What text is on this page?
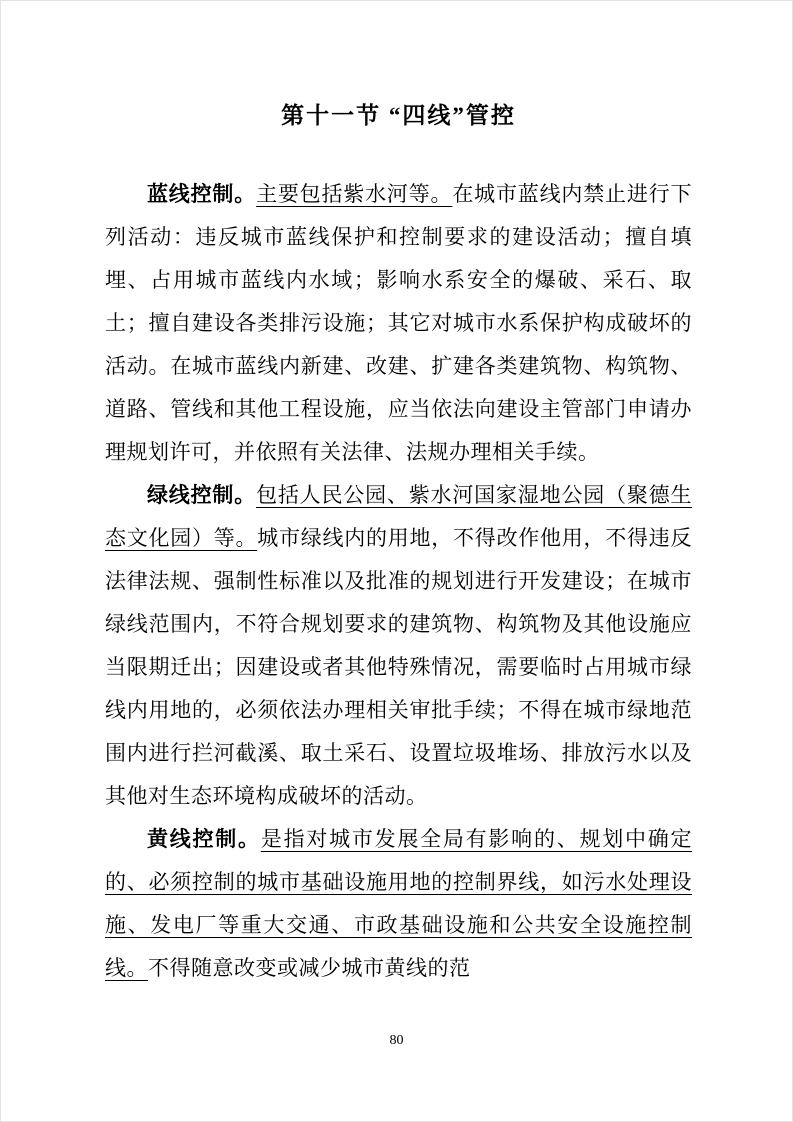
第十一节 “四线”管控

蓝线控制。主要包括紫水河等。在城市蓝线内禁止进行下列活动：违反城市蓝线保护和控制要求的建设活动；擅自填埋、占用城市蓝线内水域；影响水系安全的爆破、采石、取土；擅自建设各类排污设施；其它对城市水系保护构成破坏的活动。在城市蓝线内新建、改建、扩建各类建筑物、构筑物、道路、管线和其他工程设施，应当依法向建设主管部门申请办理规划许可，并依照有关法律、法规办理相关手续。

绿线控制。包括人民公园、紫水河国家湿地公园（聚德生态文化园）等。城市绿线内的用地，不得改作他用，不得违反法律法规、强制性标准以及批准的规划进行开发建设；在城市绿线范围内，不符合规划要求的建筑物、构筑物及其他设施应当限期迁出；因建设或者其他特殊情况，需要临时占用城市绿线内用地的，必须依法办理相关审批手续；不得在城市绿地范围内进行拦河截溪、取土采石、设置垃圾堆场、排放污水以及其他对生态环境构成破坏的活动。

黄线控制。是指对城市发展全局有影响的、规划中确定的、必须控制的城市基础设施用地的控制界线，如污水处理设施、发电厂等重大交通、市政基础设施和公共安全设施控制线。不得随意改变或减少城市黄线的范

80
